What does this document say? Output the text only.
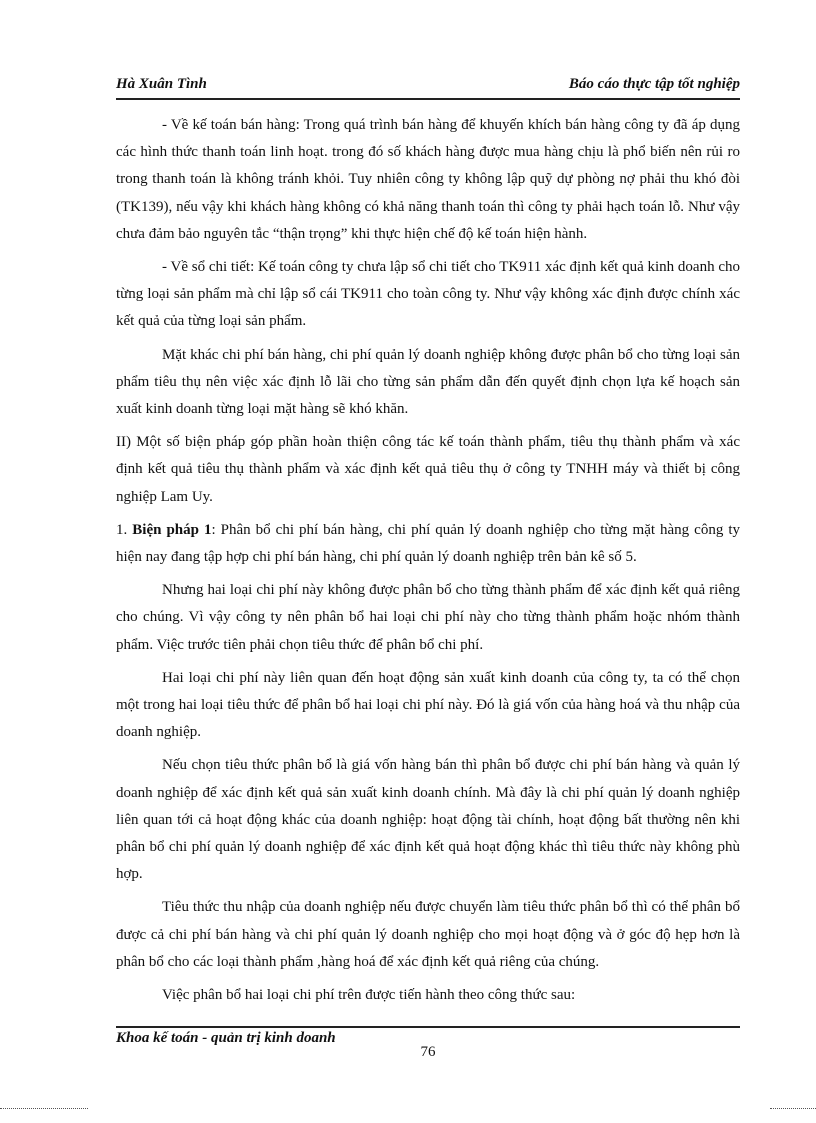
Hà Xuân Tình	Báo cáo thực tập tốt nghiệp

- Về kế toán bán hàng: Trong quá trình bán hàng để khuyến khích bán hàng công ty đã áp dụng các hình thức thanh toán linh hoạt. trong đó số khách hàng được mua hàng chịu là phổ biến nên rủi ro trong thanh toán là không tránh khỏi. Tuy nhiên công ty không lập quỹ dự phòng nợ phải thu khó đòi (TK139), nếu vậy khi khách hàng không có khả năng thanh toán thì công ty phải hạch toán lỗ. Như vậy chưa đảm bảo nguyên tắc “thận trọng” khi thực hiện chế độ kế toán hiện hành.

- Về sổ chi tiết: Kế toán công ty chưa lập sổ chi tiết cho TK911 xác định kết quả kinh doanh cho từng loại sản phẩm mà chỉ lập sổ cái TK911 cho toàn công ty. Như vậy không xác định được chính xác kết quả của từng loại sản phẩm.

Mặt khác chi phí bán hàng, chi phí quản lý doanh nghiệp không được phân bổ cho từng loại sản phẩm tiêu thụ nên việc xác định lỗ lãi cho từng sản phẩm dẫn đến quyết định chọn lựa kế hoạch sản xuất kinh doanh từng loại mặt hàng sẽ khó khăn.

II) Một số biện pháp góp phần hoàn thiện công tác kế toán thành phẩm, tiêu thụ thành phẩm và xác định kết quả tiêu thụ thành phẩm và xác định kết quả tiêu thụ ở công ty TNHH máy và thiết bị công nghiệp Lam Uy.

1. Biện pháp 1: Phân bổ chi phí bán hàng, chi phí quản lý doanh nghiệp cho từng mặt hàng công ty hiện nay đang tập hợp chi phí bán hàng, chi phí quản lý doanh nghiệp trên bản kê số 5.

Nhưng hai loại chi phí này không được phân bổ cho từng thành phẩm để xác định kết quả riêng cho chúng. Vì vậy công ty nên phân bổ hai loại chi phí này cho từng thành phẩm hoặc nhóm thành phẩm. Việc trước tiên phải chọn tiêu thức để phân bổ chi phí.

Hai loại chi phí này liên quan đến hoạt động sản xuất kinh doanh của công ty, ta có thể chọn một trong hai loại tiêu thức để phân bổ hai loại chi phí này. Đó là giá vốn của hàng hoá và thu nhập của doanh nghiệp.

Nếu chọn tiêu thức phân bổ là giá vốn hàng bán thì phân bổ được chi phí bán hàng và quản lý doanh nghiệp để xác định kết quả sản xuất kinh doanh chính. Mà đây là chi phí quản lý doanh nghiệp liên quan tới cả hoạt động khác của doanh nghiệp: hoạt động tài chính, hoạt động bất thường nên khi phân bổ chi phí quản lý doanh nghiệp để xác định kết quả hoạt động khác thì tiêu thức này không phù hợp.

Tiêu thức thu nhập của doanh nghiệp nếu được chuyển làm tiêu thức phân bổ thì có thể phân bổ được cả chi phí bán hàng và chi phí quản lý doanh nghiệp cho mọi hoạt động và ở góc độ hẹp hơn là phân bổ cho các loại thành phẩm ,hàng hoá để xác định kết quả riêng của chúng.

Việc phân bổ hai loại chi phí trên được tiến hành theo công thức sau:

Khoa kế toán - quản trị kinh doanh
76
